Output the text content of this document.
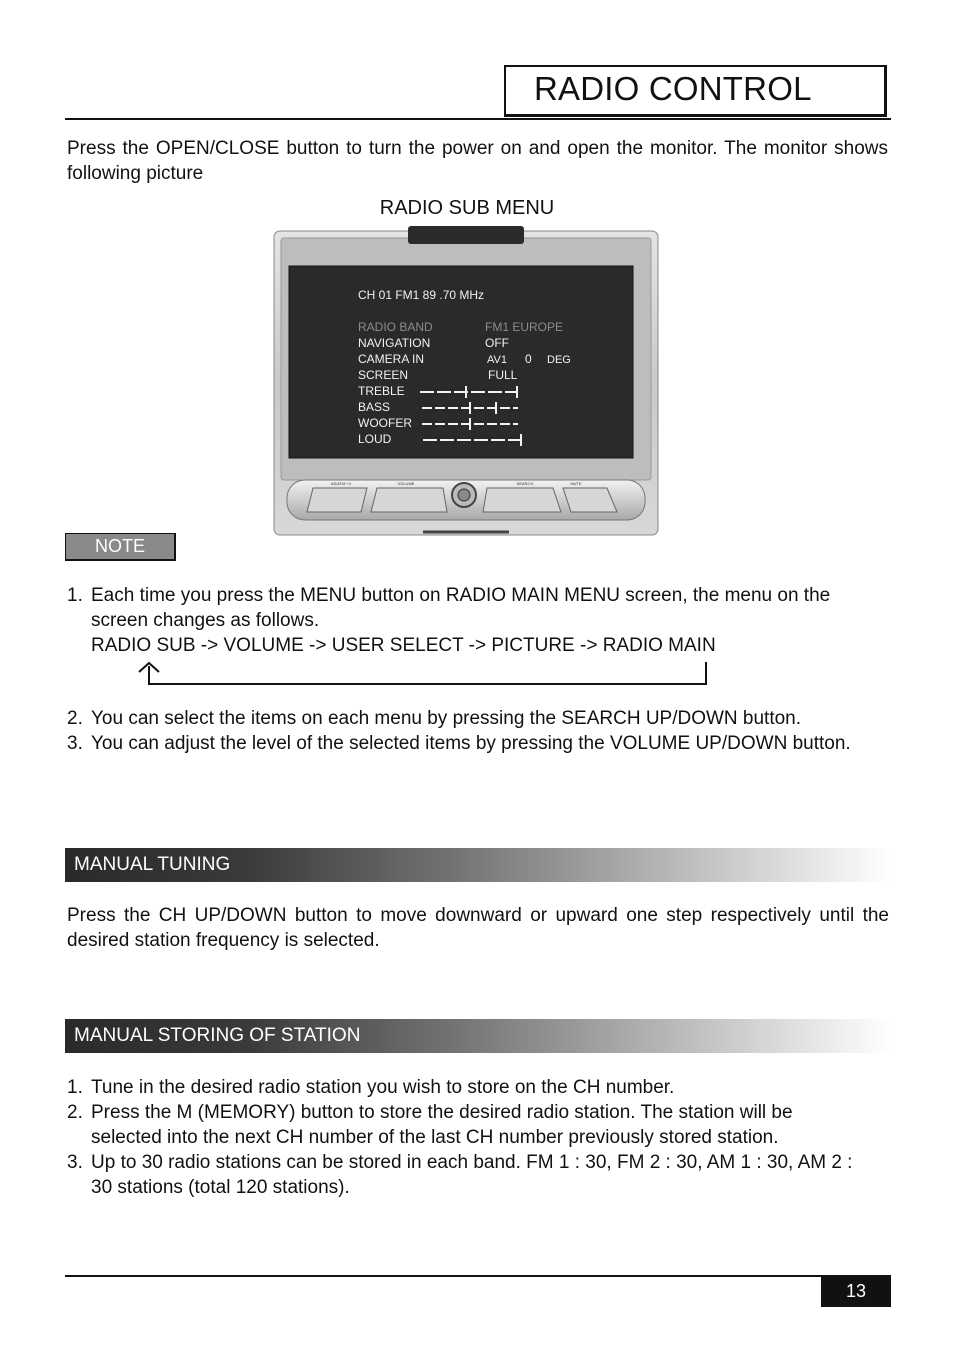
RADIO CONTROL
Press the OPEN/CLOSE button to turn the power on and open the monitor. The monitor shows following picture
RADIO SUB MENU
AS/ATM +1	VOLUME	SEARCH	MUTE
CH 01 FM1 89 .70 MHz
RADIO BAND	FM1 EUROPE
NAVIGATION	OFF
CAMERA IN	AV1 0 DEG
SCREEN	FULL
TREBLE
BASS
WOOFER
LOUD
NOTE
1. Each time you press the MENU button on RADIO MAIN MENU screen, the menu on the screen changes as follows.
RADIO SUB -> VOLUME -> USER SELECT -> PICTURE -> RADIO MAIN
2. You can select the items on each menu by pressing the SEARCH UP/DOWN button.
3. You can adjust the level of the selected items by pressing the VOLUME UP/DOWN button.
MANUAL TUNING
Press the CH UP/DOWN button to move downward or upward one step respectively until the desired station frequency is selected.
MANUAL STORING OF STATION
1. Tune in the desired radio station you wish to store on the CH number.
2. Press the M (MEMORY) button to store the desired radio station. The station will be selected into the next CH number of the last CH number previously stored station.
3. Up to 30 radio stations can be stored in each band. FM 1 : 30, FM 2 : 30, AM 1 : 30, AM 2 : 30 stations (total 120 stations).
13
